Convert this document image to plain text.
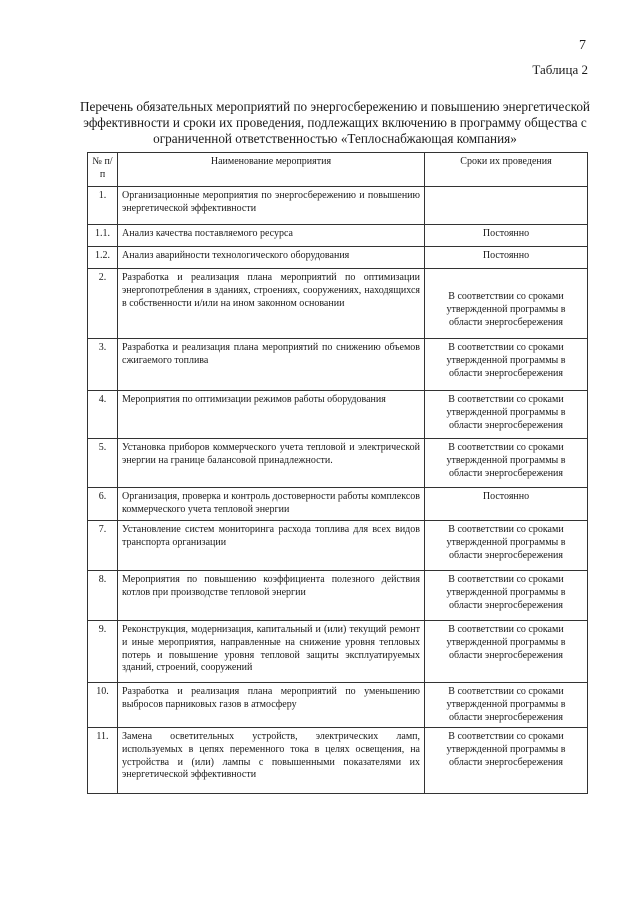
7
Таблица 2
Перечень обязательных мероприятий по энергосбережению и повышению энергетической эффективности и сроки их проведения, подлежащих включению в программу общества с ограниченной ответственностью «Теплоснабжающая компания»
№ п/п	Наименование мероприятия	Сроки их проведения
1.	Организационные мероприятия по энергосбережению и повышению энергетической эффективности	
1.1.	Анализ качества поставляемого ресурса	Постоянно
1.2.	Анализ аварийности технологического оборудования	Постоянно
2.	Разработка и реализация плана мероприятий по оптимизации энергопотребления в зданиях, строениях, сооружениях, находящихся в собственности и/или на ином законном основании	В соответствии со сроками утвержденной программы в области энергосбережения
3.	Разработка и реализация плана мероприятий по снижению объемов сжигаемого топлива	В соответствии со сроками утвержденной программы в области энергосбережения
4.	Мероприятия по оптимизации режимов работы оборудования	В соответствии со сроками утвержденной программы в области энергосбережения
5.	Установка приборов коммерческого учета тепловой и электрической энергии на границе балансовой принадлежности.	В соответствии со сроками утвержденной программы в области энергосбережения
6.	Организация, проверка и контроль достоверности работы комплексов коммерческого учета тепловой энергии	Постоянно
7.	Установление систем мониторинга расхода топлива для всех видов транспорта организации	В соответствии со сроками утвержденной программы в области энергосбережения
8.	Мероприятия по повышению коэффициента полезного действия котлов при производстве тепловой энергии	В соответствии со сроками утвержденной программы в области энергосбережения
9.	Реконструкция, модернизация, капитальный и (или) текущий ремонт и иные мероприятия, направленные на снижение уровня тепловых потерь и повышение уровня тепловой защиты эксплуатируемых зданий, строений, сооружений	В соответствии со сроками утвержденной программы в области энергосбережения
10.	Разработка и реализация плана мероприятий по уменьшению выбросов парниковых газов в атмосферу	В соответствии со сроками утвержденной программы в области энергосбережения
11.	Замена осветительных устройств, электрических ламп, используемых в цепях переменного тока в целях освещения, на устройства и (или) лампы с повышенными показателями их энергетической эффективности	В соответствии со сроками утвержденной программы в области энергосбережения
